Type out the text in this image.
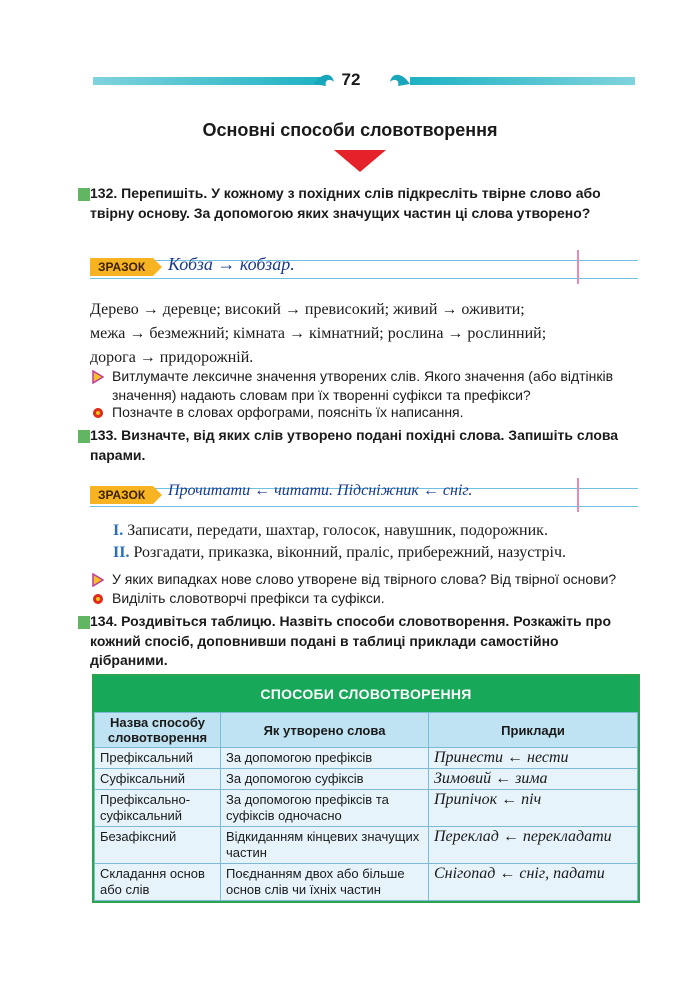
72
Основні способи словотворення
132. Перепишіть. У кожному з похідних слів підкресліть твірне слово або твірну основу. За допомогою яких значущих частин ці слова утворено?
ЗРАЗОК	Кобза → кобзар.
Дерево → деревце; високий → превисокий; живий → оживити;
межа → безмежний; кімната → кімнатний; рослина → рослинний;
дорога → придорожній.
Витлумачте лексичне значення утворених слів. Якого значення (або відтінків значення) надають словам при їх творенні суфікси та префікси?
Позначте в словах орфограми, поясніть їх написання.
133. Визначте, від яких слів утворено подані похідні слова. Запишіть слова парами.
ЗРАЗОК	Прочитати ← читати. Підсніжник ← сніг.
I. Записати, передати, шахтар, голосок, навушник, подорожник.
II. Розгадати, приказка, віконний, праліс, прибережний, назустріч.
У яких випадках нове слово утворене від твірного слова? Від твірної основи?
Виділіть словотворчі префікси та суфікси.
134. Роздивіться таблицю. Назвіть способи словотворення. Розкажіть про кожний спосіб, доповнивши подані в таблиці приклади самостійно дібраними.
СПОСОБИ СЛОВОТВОРЕННЯ
Назва способу словотворення	Як утворено слова	Приклади
Префіксальний	За допомогою префіксів	Принести ← нести
Суфіксальний	За допомогою суфіксів	Зимовий ← зима
Префіксально-суфіксальний	За допомогою префіксів та суфіксів одночасно	Припічок ← піч
Безафіксний	Відкиданням кінцевих значущих частин	Переклад ← перекладати
Складання основ або слів	Поєднанням двох або більше основ слів чи їхніх частин	Снігопад ← сніг, падати
